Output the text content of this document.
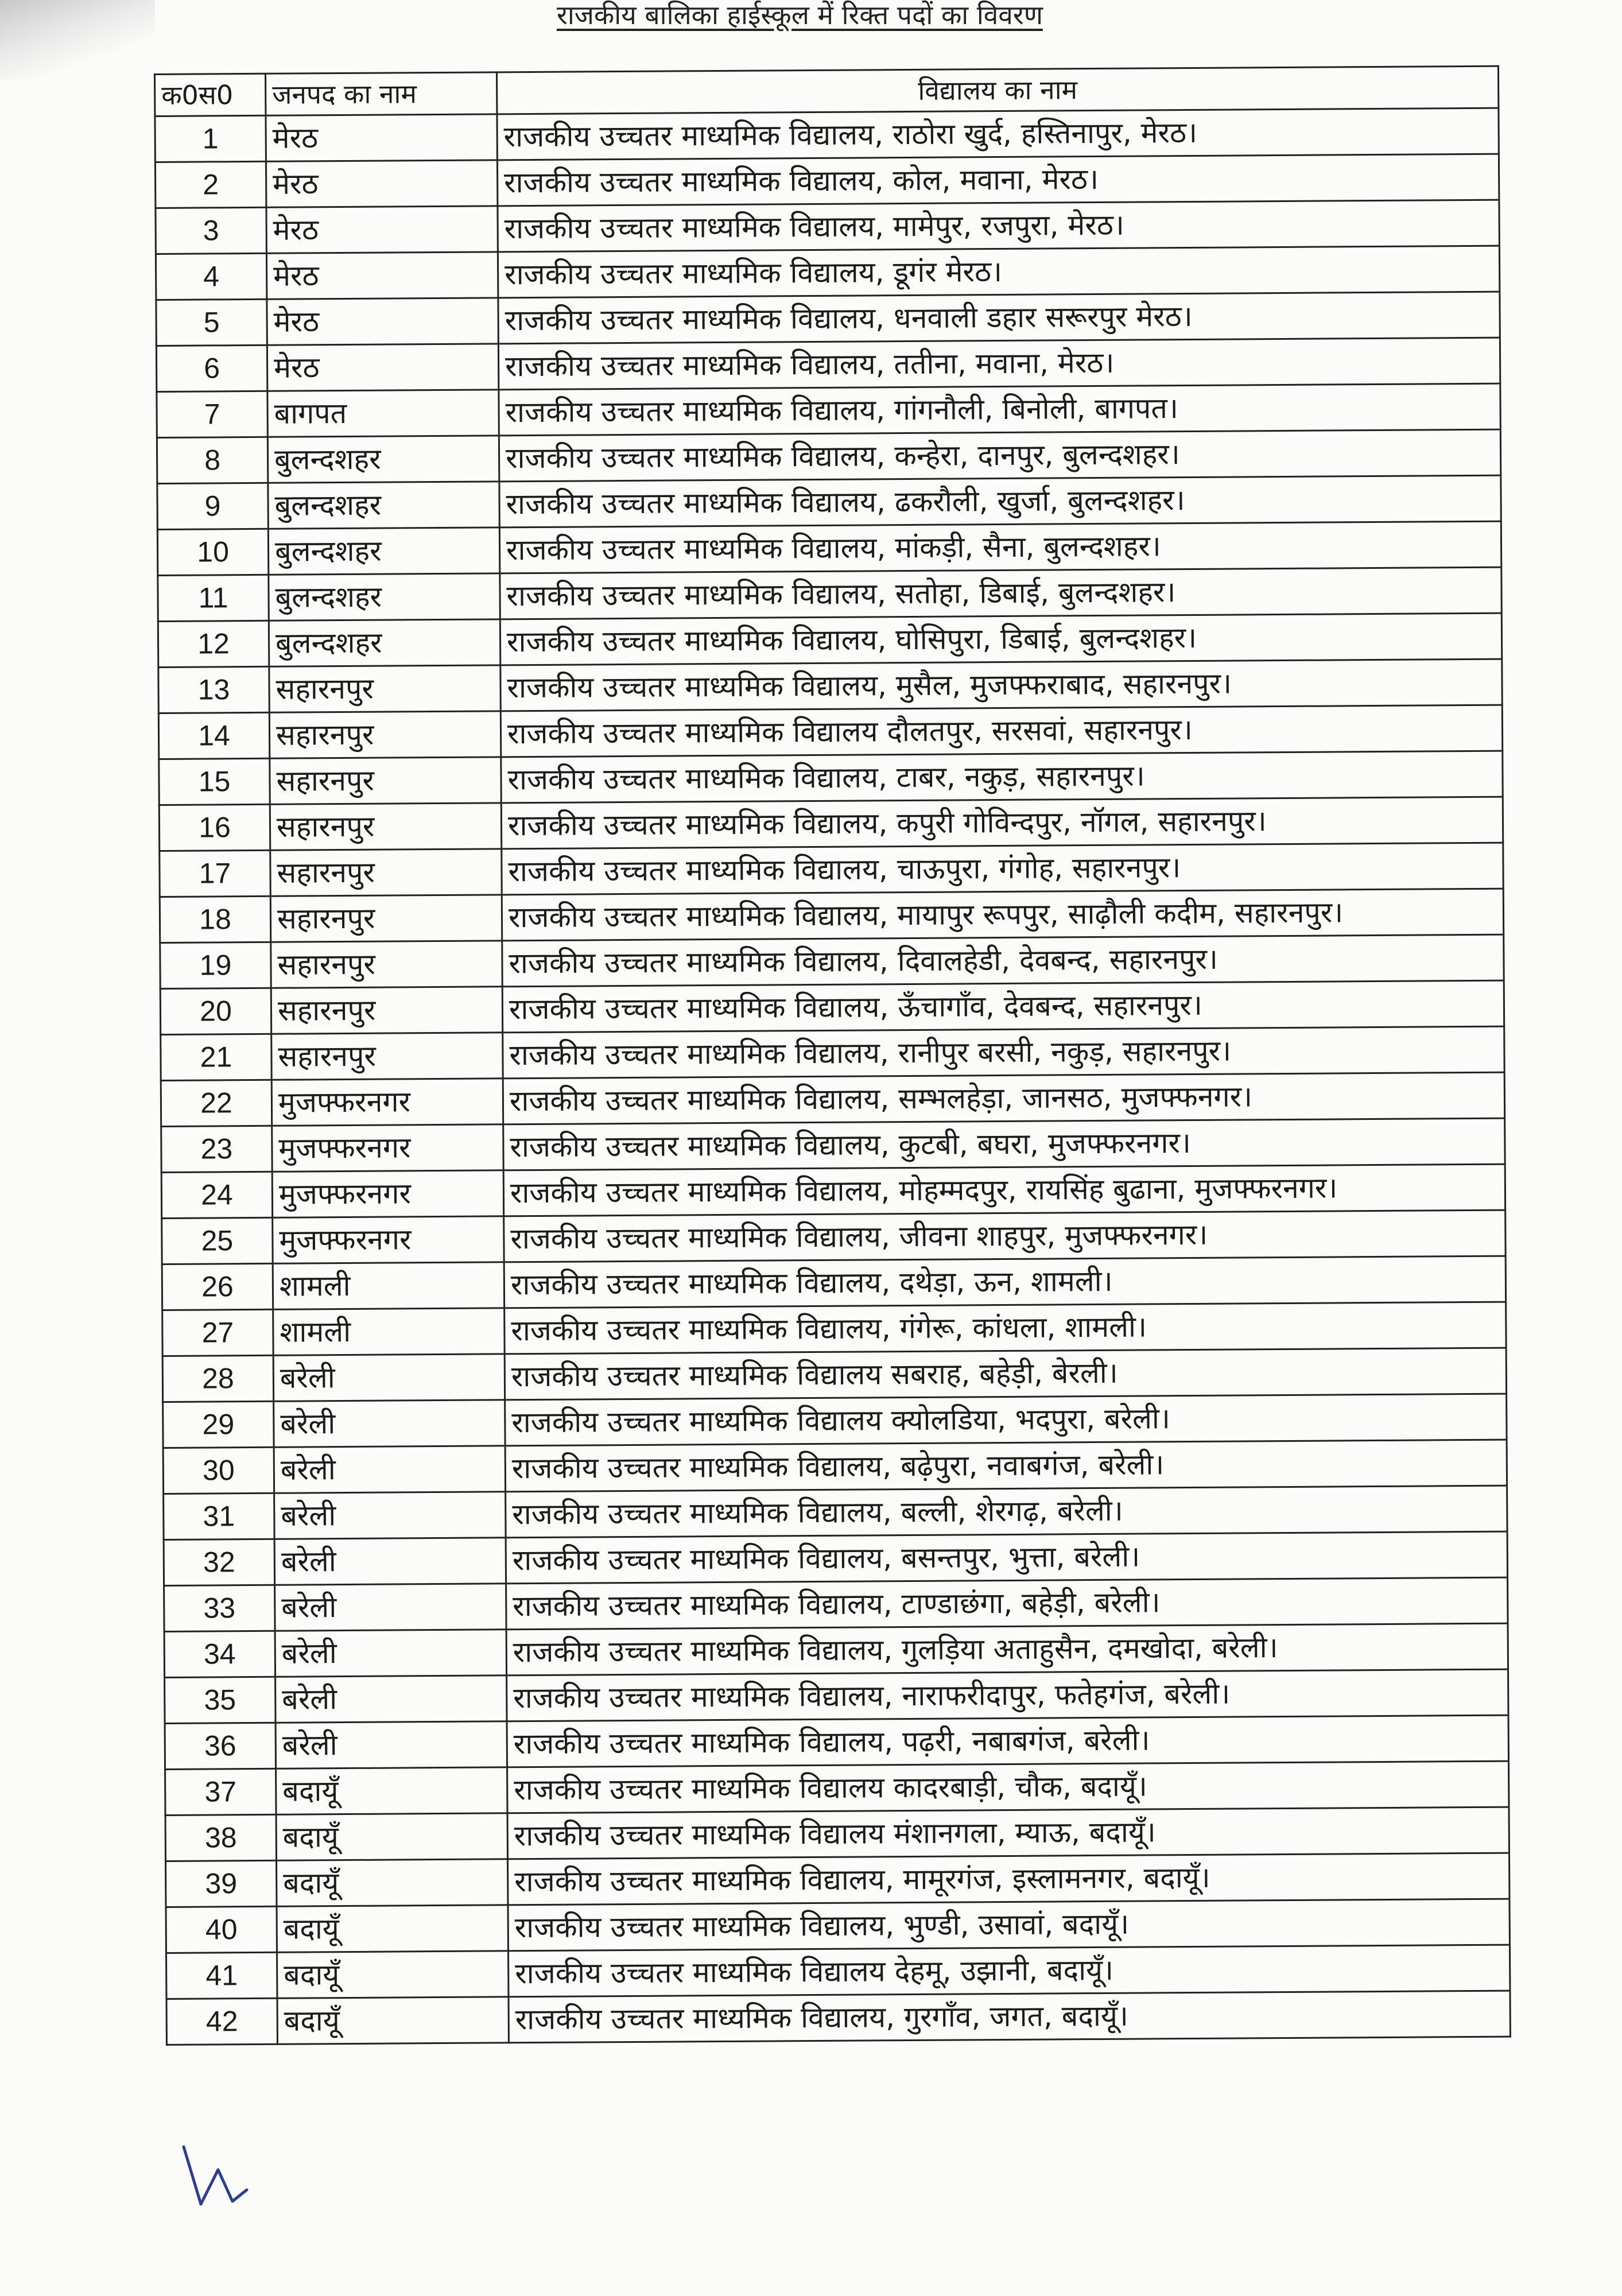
राजकीय बालिका हाईस्कूल में रिक्त पदों का विवरण
क0स0	जनपद का नाम	विद्यालय का नाम
1	मेरठ	राजकीय उच्चतर माध्यमिक विद्यालय, राठोरा खुर्द, हस्तिनापुर, मेरठ।
2	मेरठ	राजकीय उच्चतर माध्यमिक विद्यालय, कोल, मवाना, मेरठ।
3	मेरठ	राजकीय उच्चतर माध्यमिक विद्यालय, मामेपुर, रजपुरा, मेरठ।
4	मेरठ	राजकीय उच्चतर माध्यमिक विद्यालय, डूगंर मेरठ।
5	मेरठ	राजकीय उच्चतर माध्यमिक विद्यालय, धनवाली डहार सरूरपुर मेरठ।
6	मेरठ	राजकीय उच्चतर माध्यमिक विद्यालय, ततीना, मवाना, मेरठ।
7	बागपत	राजकीय उच्चतर माध्यमिक विद्यालय, गांगनौली, बिनोली, बागपत।
8	बुलन्दशहर	राजकीय उच्चतर माध्यमिक विद्यालय, कन्हेरा, दानपुर, बुलन्दशहर।
9	बुलन्दशहर	राजकीय उच्चतर माध्यमिक विद्यालय, ढकरौली, खुर्जा, बुलन्दशहर।
10	बुलन्दशहर	राजकीय उच्चतर माध्यमिक विद्यालय, मांकड़ी, सैना, बुलन्दशहर।
11	बुलन्दशहर	राजकीय उच्चतर माध्यमिक विद्यालय, सतोहा, डिबाई, बुलन्दशहर।
12	बुलन्दशहर	राजकीय उच्चतर माध्यमिक विद्यालय, घोसिपुरा, डिबाई, बुलन्दशहर।
13	सहारनपुर	राजकीय उच्चतर माध्यमिक विद्यालय, मुसैल, मुजफ्फराबाद, सहारनपुर।
14	सहारनपुर	राजकीय उच्चतर माध्यमिक विद्यालय दौलतपुर, सरसवां, सहारनपुर।
15	सहारनपुर	राजकीय उच्चतर माध्यमिक विद्यालय, टाबर, नकुड़, सहारनपुर।
16	सहारनपुर	राजकीय उच्चतर माध्यमिक विद्यालय, कपुरी गोविन्दपुर, नॉगल, सहारनपुर।
17	सहारनपुर	राजकीय उच्चतर माध्यमिक विद्यालय, चाऊपुरा, गंगोह, सहारनपुर।
18	सहारनपुर	राजकीय उच्चतर माध्यमिक विद्यालय, मायापुर रूपपुर, साढ़ौली कदीम, सहारनपुर।
19	सहारनपुर	राजकीय उच्चतर माध्यमिक विद्यालय, दिवालहेडी, देवबन्द, सहारनपुर।
20	सहारनपुर	राजकीय उच्चतर माध्यमिक विद्यालय, ऊँचागाँव, देवबन्द, सहारनपुर।
21	सहारनपुर	राजकीय उच्चतर माध्यमिक विद्यालय, रानीपुर बरसी, नकुड़, सहारनपुर।
22	मुजफ्फरनगर	राजकीय उच्चतर माध्यमिक विद्यालय, सम्भलहेड़ा, जानसठ, मुजफ्फनगर।
23	मुजफ्फरनगर	राजकीय उच्चतर माध्यमिक विद्यालय, कुटबी, बघरा, मुजफ्फरनगर।
24	मुजफ्फरनगर	राजकीय उच्चतर माध्यमिक विद्यालय, मोहम्मदपुर, रायसिंह बुढाना, मुजफ्फरनगर।
25	मुजफ्फरनगर	राजकीय उच्चतर माध्यमिक विद्यालय, जीवना शाहपुर, मुजफ्फरनगर।
26	शामली	राजकीय उच्चतर माध्यमिक विद्यालय, दथेड़ा, ऊन, शामली।
27	शामली	राजकीय उच्चतर माध्यमिक विद्यालय, गंगेरू, कांधला, शामली।
28	बरेली	राजकीय उच्चतर माध्यमिक विद्यालय सबराह, बहेड़ी, बेरली।
29	बरेली	राजकीय उच्चतर माध्यमिक विद्यालय क्योलडिया, भदपुरा, बरेली।
30	बरेली	राजकीय उच्चतर माध्यमिक विद्यालय, बढ़ेपुरा, नवाबगंज, बरेली।
31	बरेली	राजकीय उच्चतर माध्यमिक विद्यालय, बल्ली, शेरगढ़, बरेली।
32	बरेली	राजकीय उच्चतर माध्यमिक विद्यालय, बसन्तपुर, भुत्ता, बरेली।
33	बरेली	राजकीय उच्चतर माध्यमिक विद्यालय, टाण्डाछंगा, बहेड़ी, बरेली।
34	बरेली	राजकीय उच्चतर माध्यमिक विद्यालय, गुलड़िया अताहुसैन, दमखोदा, बरेली।
35	बरेली	राजकीय उच्चतर माध्यमिक विद्यालय, नाराफरीदापुर, फतेहगंज, बरेली।
36	बरेली	राजकीय उच्चतर माध्यमिक विद्यालय, पढ़री, नबाबगंज, बरेली।
37	बदायूँ	राजकीय उच्चतर माध्यमिक विद्यालय कादरबाड़ी, चौक, बदायूँ।
38	बदायूँ	राजकीय उच्चतर माध्यमिक विद्यालय मंशानगला, म्याऊ, बदायूँ।
39	बदायूँ	राजकीय उच्चतर माध्यमिक विद्यालय, मामूरगंज, इस्लामनगर, बदायूँ।
40	बदायूँ	राजकीय उच्चतर माध्यमिक विद्यालय, भुण्डी, उसावां, बदायूँ।
41	बदायूँ	राजकीय उच्चतर माध्यमिक विद्यालय देहमू, उझानी, बदायूँ।
42	बदायूँ	राजकीय उच्चतर माध्यमिक विद्यालय, गुरगाँव, जगत, बदायूँ।
